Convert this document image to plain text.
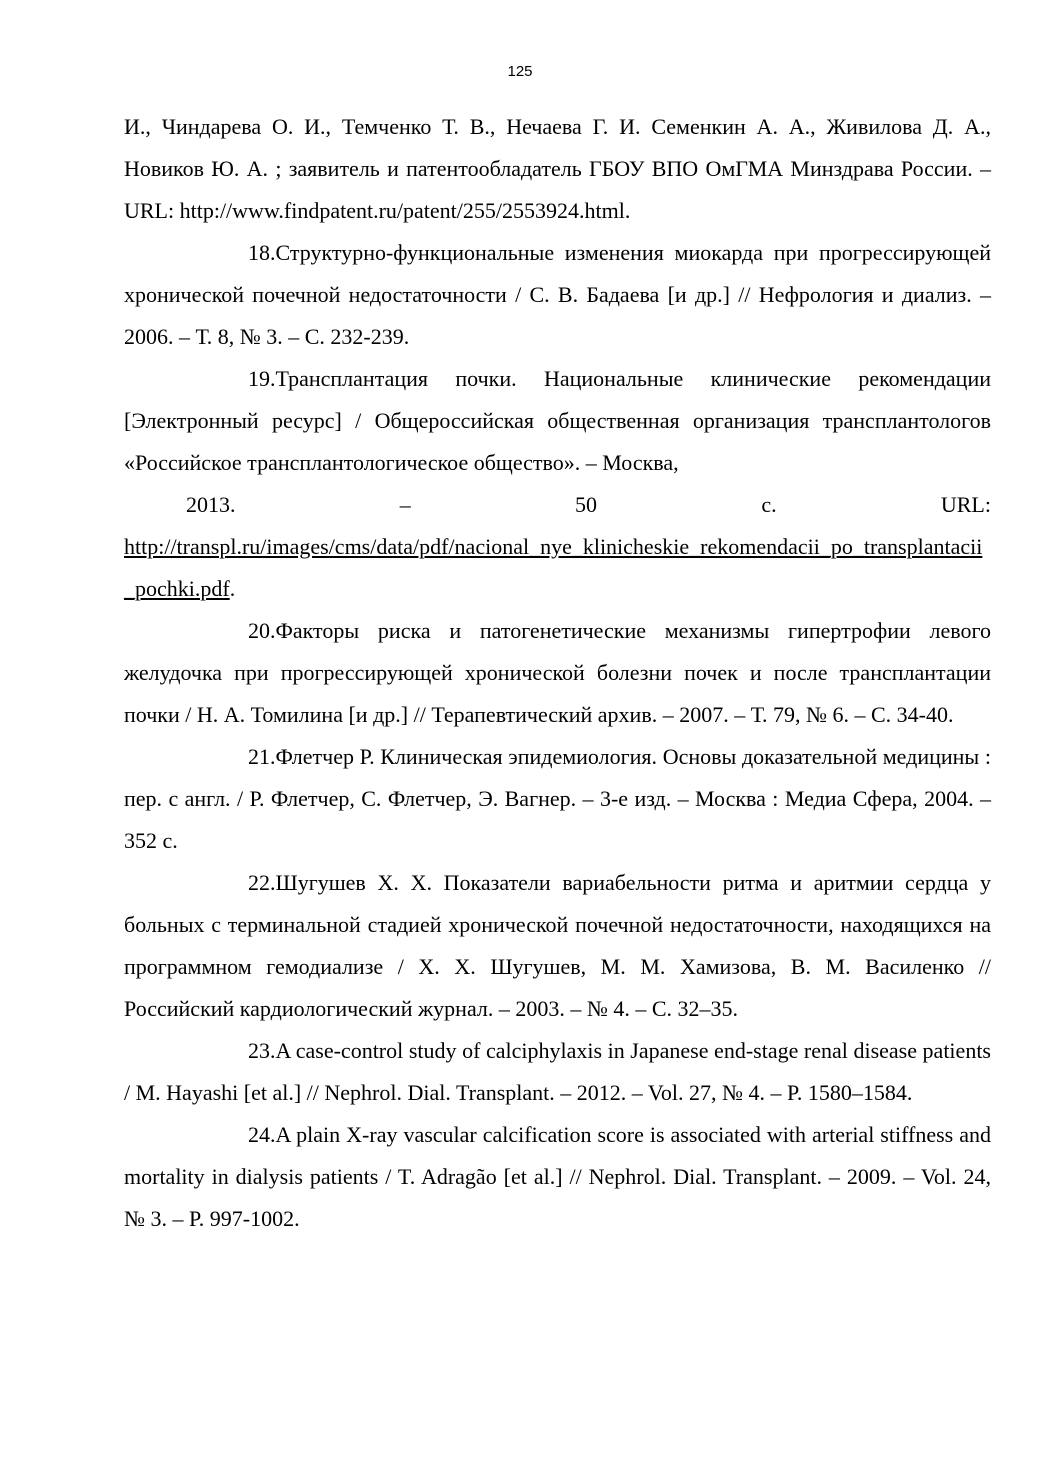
125

И., Чиндарева О. И., Темченко Т. В., Нечаева Г. И. Семенкин А. А., Живилова Д. А., Новиков Ю. А. ; заявитель и патентообладатель ГБОУ ВПО ОмГМА Минздрава России. – URL: http://www.findpatent.ru/patent/255/2553924.html.

18.Структурно-функциональные изменения миокарда при прогрессирующей хронической почечной недостаточности / С. В. Бадаева [и др.] // Нефрология и диализ. – 2006. – Т. 8, № 3. – С. 232-239.

19.Трансплантация почки. Национальные клинические рекомендации [Электронный ресурс] / Общероссийская общественная организация трансплантологов «Российское трансплантологическое общество». – Москва,
2013. – 50 с. URL:
http://transpl.ru/images/cms/data/pdf/nacional_nye_klinicheskie_rekomendacii_po_transplantacii_pochki.pdf.

20.Факторы риска и патогенетические механизмы гипертрофии левого желудочка при прогрессирующей хронической болезни почек и после трансплантации почки / Н. А. Томилина [и др.] // Терапевтический архив. – 2007. – Т. 79, № 6. – С. 34-40.

21.Флетчер Р. Клиническая эпидемиология. Основы доказательной медицины : пер. с англ. / Р. Флетчер, С. Флетчер, Э. Вагнер. – 3-е изд. – Москва : Медиа Сфера, 2004. – 352 с.

22.Шугушев Х. Х. Показатели вариабельности ритма и аритмии сердца у больных с терминальной стадией хронической почечной недостаточности, находящихся на программном гемодиализе / Х. Х. Шугушев, М. М. Хамизова, В. М. Василенко // Российский кардиологический журнал. – 2003. – № 4. – С. 32–35.

23.A case-control study of calciphylaxis in Japanese end-stage renal disease patients / M. Hayashi [et al.] // Nephrol. Dial. Transplant. – 2012. – Vol. 27, № 4. – P. 1580–1584.

24.A plain X-ray vascular calcification score is associated with arterial stiffness and mortality in dialysis patients / T. Adragão [et al.] // Nephrol. Dial. Transplant. – 2009. – Vol. 24, № 3. – P. 997-1002.
